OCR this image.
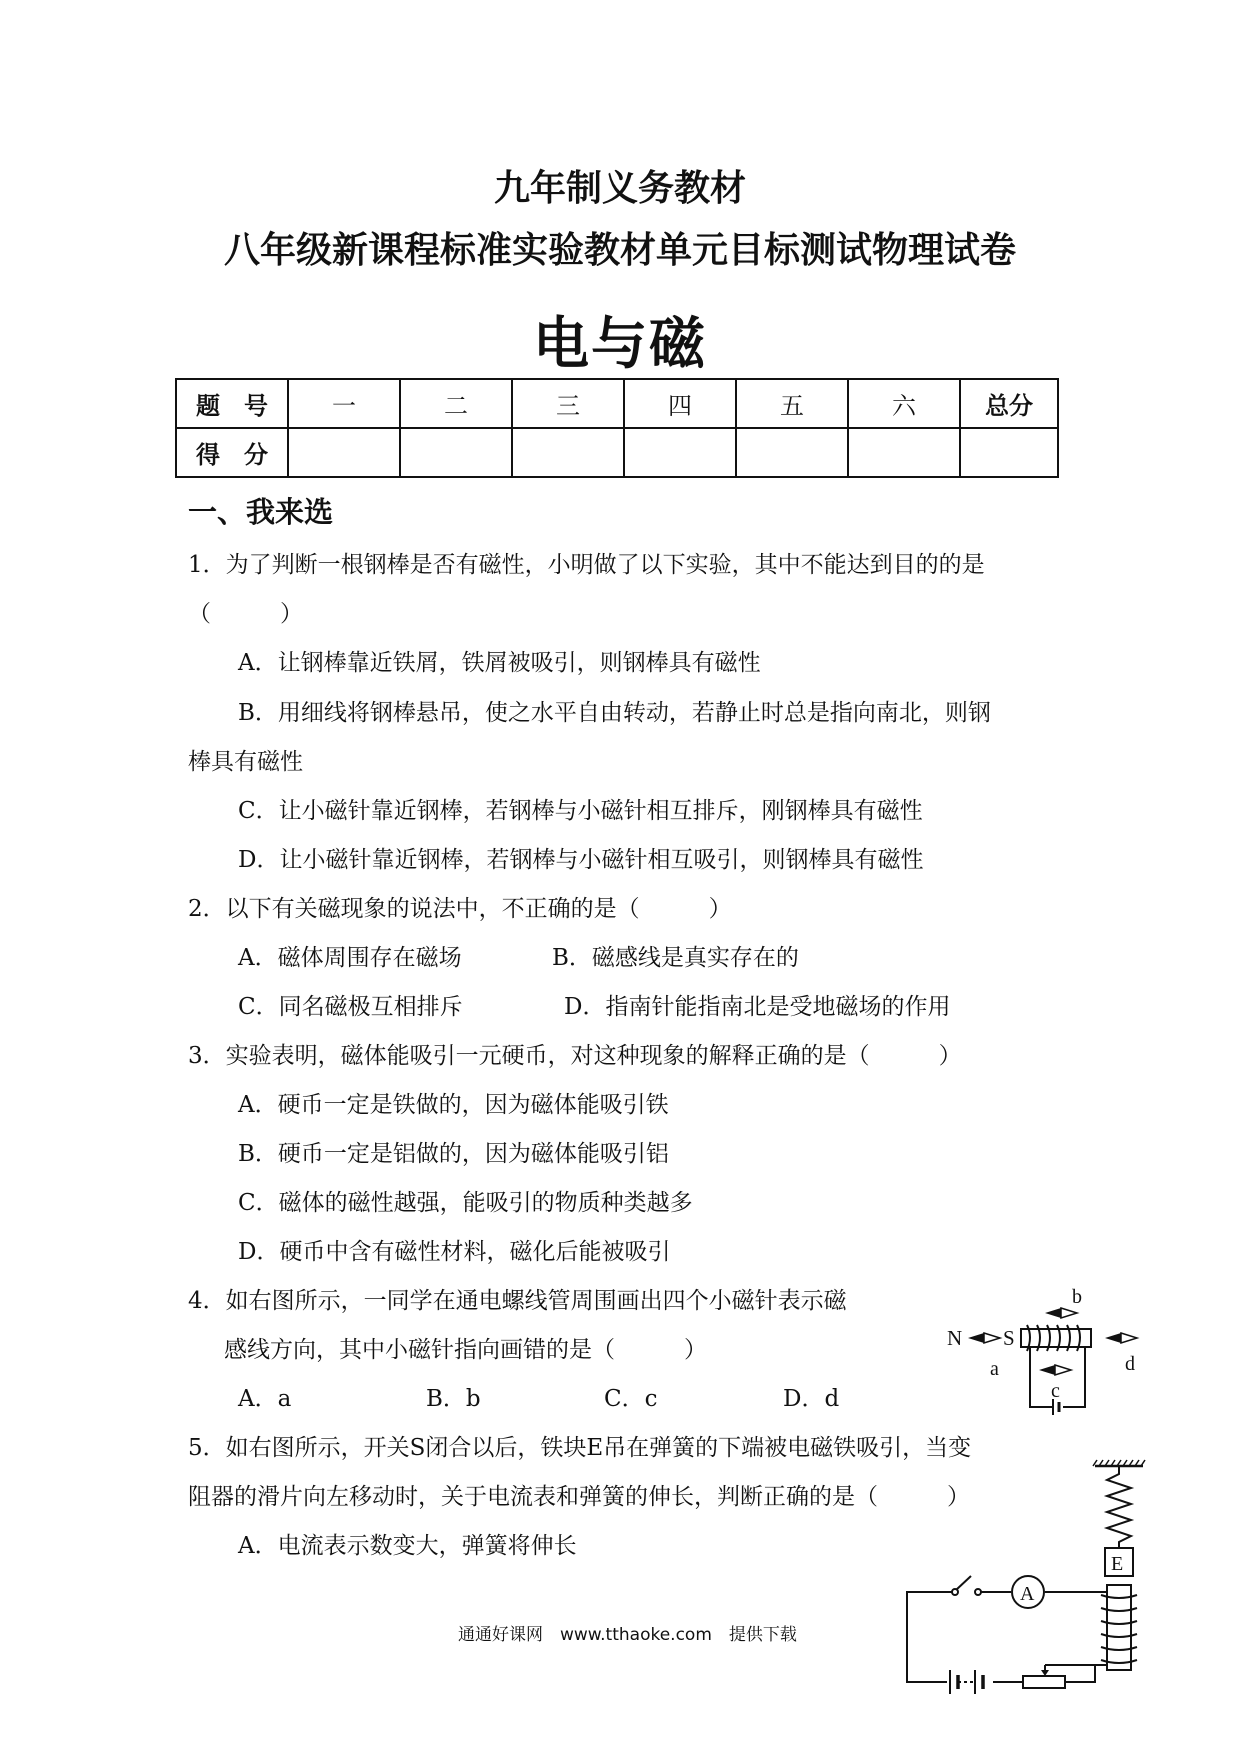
九年制义务教材
八年级新课程标准实验教材单元目标测试物理试卷
电与磁
题　号	一	二	三	四	五	六	总分
得　分							
一、我来选
1．为了判断一根钢棒是否有磁性，小明做了以下实验，其中不能达到目的的是
（　　　）
A．让钢棒靠近铁屑，铁屑被吸引，则钢棒具有磁性
B．用细线将钢棒悬吊，使之水平自由转动，若静止时总是指向南北，则钢
棒具有磁性
C．让小磁针靠近钢棒，若钢棒与小磁针相互排斥，刚钢棒具有磁性
D．让小磁针靠近钢棒，若钢棒与小磁针相互吸引，则钢棒具有磁性
2．以下有关磁现象的说法中，不正确的是（　　　）
A．磁体周围存在磁场	B．磁感线是真实存在的
C．同名磁极互相排斥	D．指南针能指南北是受地磁场的作用
3．实验表明，磁体能吸引一元硬币，对这种现象的解释正确的是（　　　）
A．硬币一定是铁做的，因为磁体能吸引铁
B．硬币一定是铝做的，因为磁体能吸引铝
C．磁体的磁性越强，能吸引的物质种类越多
D．硬币中含有磁性材料，磁化后能被吸引
4．如右图所示，一同学在通电螺线管周围画出四个小磁针表示磁
感线方向，其中小磁针指向画错的是（　　　）
A．a	B．b	C．c	D．d
b
N S
a	d
c
5．如右图所示，开关S闭合以后，铁块E吊在弹簧的下端被电磁铁吸引，当变
阻器的滑片向左移动时，关于电流表和弹簧的伸长，判断正确的是（　　　）
A．电流表示数变大，弹簧将伸长
E
A
通通好课网　www.tthaoke.com　提供下载
